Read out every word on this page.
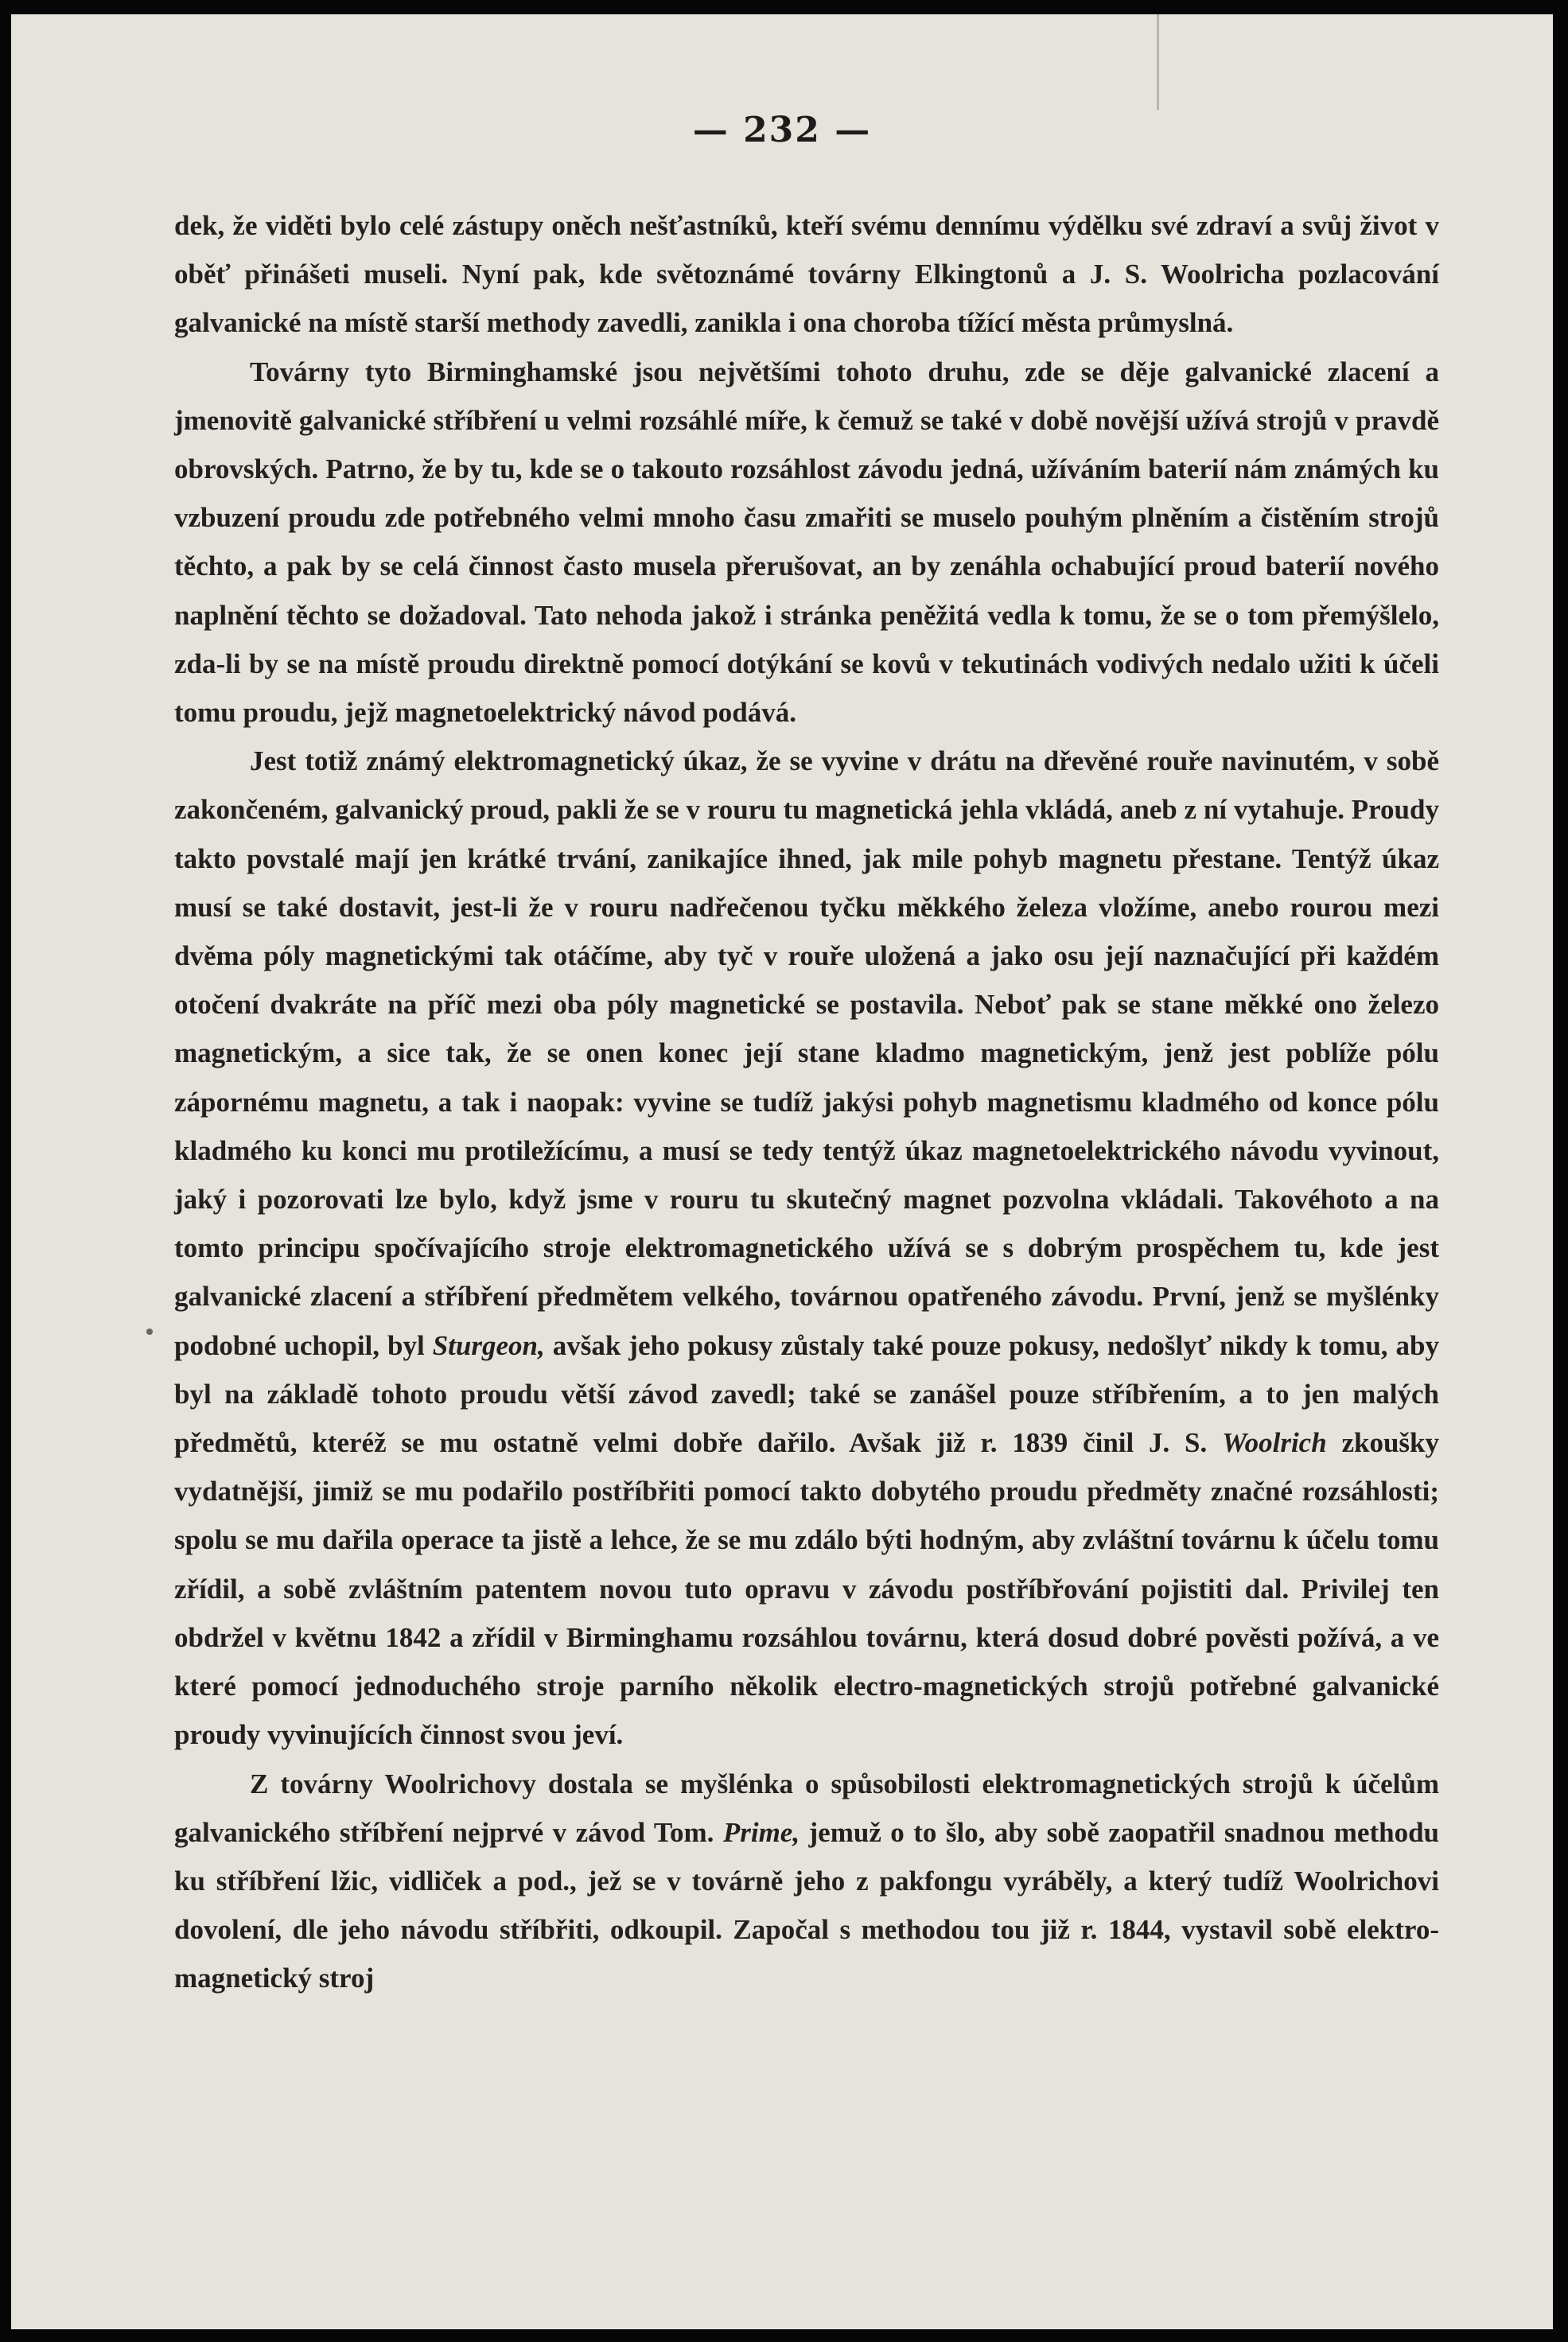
— 232 —

dek, že viděti bylo celé zástupy oněch nešťastníků, kteří svému dennímu výdělku své zdraví a svůj život v oběť přinášeti museli. Nyní pak, kde světoznámé továrny Elkingtonů a J. S. Woolricha pozlacování galvanické na místě starší methody zavedli, zanikla i ona choroba tížící města průmyslná.

Továrny tyto Birminghamské jsou největšími tohoto druhu, zde se děje galvanické zlacení a jmenovitě galvanické stříbření u velmi rozsáhlé míře, k čemuž se také v době novější užívá strojů v pravdě obrovských. Patrno, že by tu, kde se o takouto rozsáhlost závodu jedná, užíváním baterií nám známých ku vzbuzení proudu zde potřebného velmi mnoho času zmařiti se muselo pouhým plněním a čistěním strojů těchto, a pak by se celá činnost často musela přerušovat, an by zenáhla ochabující proud baterií nového naplnění těchto se dožadoval. Tato nehoda jakož i stránka peněžitá vedla k tomu, že se o tom přemýšlelo, zda-li by se na místě proudu direktně pomocí dotýkání se kovů v tekutinách vodivých nedalo užiti k účeli tomu proudu, jejž magnetoelektrický návod podává.

Jest totiž známý elektromagnetický úkaz, že se vyvine v drátu na dřevěné rouře navinutém, v sobě zakončeném, galvanický proud, pakli že se v rouru tu magnetická jehla vkládá, aneb z ní vytahuje. Proudy takto povstalé mají jen krátké trvání, zanikajíce ihned, jak mile pohyb magnetu přestane. Tentýž úkaz musí se také dostavit, jest-li že v rouru nadřečenou tyčku měkkého železa vložíme, anebo rourou mezi dvěma póly magnetickými tak otáčíme, aby tyč v rouře uložená a jako osu její naznačující při každém otočení dvakráte na příč mezi oba póly magnetické se postavila. Neboť pak se stane měkké ono železo magnetickým, a sice tak, že se onen konec její stane kladmo magnetickým, jenž jest poblíže pólu zápornému magnetu, a tak i naopak: vyvine se tudíž jakýsi pohyb magnetismu kladmého od konce pólu kladmého ku konci mu protiležícímu, a musí se tedy tentýž úkaz magnetoelektrického návodu vyvinout, jaký i pozorovati lze bylo, když jsme v rouru tu skutečný magnet pozvolna vkládali. Takovéhoto a na tomto principu spočívajícího stroje elektromagnetického užívá se s dobrým prospěchem tu, kde jest galvanické zlacení a stříbření předmětem velkého, továrnou opatřeného závodu. První, jenž se myšlénky podobné uchopil, byl Sturgeon, avšak jeho pokusy zůstaly také pouze pokusy, nedošlyť nikdy k tomu, aby byl na základě tohoto proudu větší závod zavedl; také se zanášel pouze stříbřením, a to jen malých předmětů, kteréž se mu ostatně velmi dobře dařilo. Avšak již r. 1839 činil J. S. Woolrich zkoušky vydatnější, jimiž se mu podařilo postříbřiti pomocí takto dobytého proudu předměty značné rozsáhlosti; spolu se mu dařila operace ta jistě a lehce, že se mu zdálo býti hodným, aby zvláštní továrnu k účelu tomu zřídil, a sobě zvláštním patentem novou tuto opravu v závodu postříbřování pojistiti dal. Privilej ten obdržel v květnu 1842 a zřídil v Birminghamu rozsáhlou továrnu, která dosud dobré pověsti požívá, a ve které pomocí jednoduchého stroje parního několik electro-magnetických strojů potřebné galvanické proudy vyvinujících činnost svou jeví.

Z továrny Woolrichovy dostala se myšlénka o spůsobilosti elektromagnetických strojů k účelům galvanického stříbření nejprvé v závod Tom. Prime, jemuž o to šlo, aby sobě zaopatřil snadnou methodu ku stříbření lžic, vidliček a pod., jež se v továrně jeho z pakfongu vyráběly, a který tudíž Woolrichovi dovolení, dle jeho návodu stříbřiti, odkoupil. Započal s methodou tou již r. 1844, vystavil sobě elektro-magnetický stroj
